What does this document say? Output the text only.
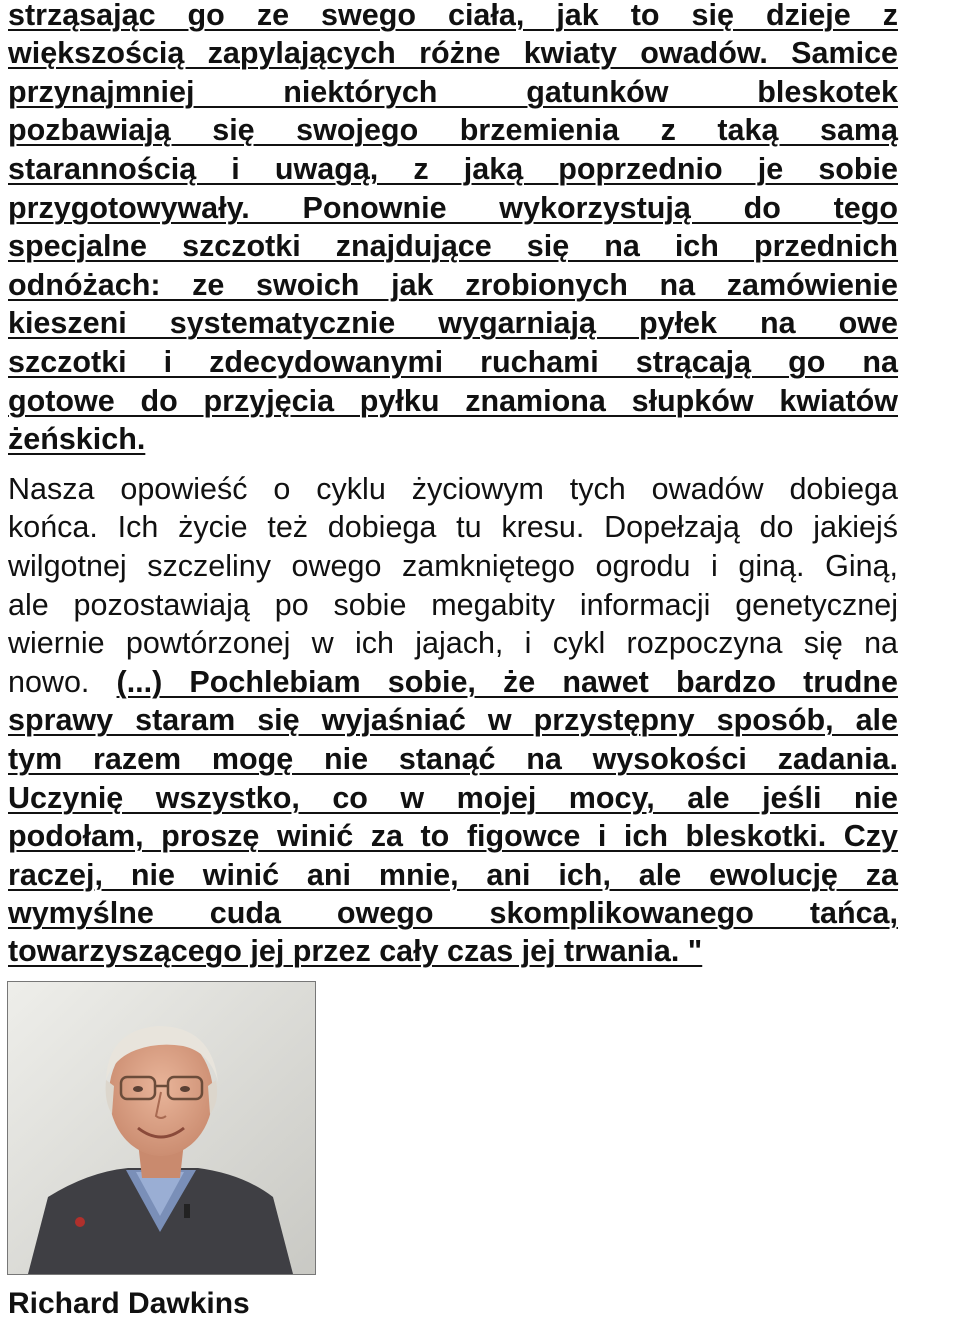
strząsając go ze swego ciała, jak to się dzieje z
większością zapylających różne kwiaty owadów. Samice
przynajmniej niektórych gatunków bleskotek
pozbawiają się swojego brzemienia z taką samą
starannością i uwagą, z jaką poprzednio je sobie
przygotowywały. Ponownie wykorzystują do tego
specjalne szczotki znajdujące się na ich przednich
odnóżach: ze swoich jak zrobionych na zamówienie
kieszeni systematycznie wygarniają pyłek na owe
szczotki i zdecydowanymi ruchami strącają go na
gotowe do przyjęcia pyłku znamiona słupków kwiatów
żeńskich.
Nasza opowieść o cyklu życiowym tych owadów dobiega
końca. Ich życie też dobiega tu kresu. Dopełzają do jakiejś
wilgotnej szczeliny owego zamkniętego ogrodu i giną. Giną,
ale pozostawiają po sobie megabity informacji genetycznej
wiernie powtórzonej w ich jajach, i cykl rozpoczyna się na
nowo. (...) Pochlebiam sobie, że nawet bardzo trudne
sprawy staram się wyjaśniać w przystępny sposób, ale
tym razem mogę nie stanąć na wysokości zadania.
Uczynię wszystko, co w mojej mocy, ale jeśli nie
podołam, proszę winić za to figowce i ich bleskotki. Czy
raczej, nie winić ani mnie, ani ich, ale ewolucję za
wymyślne cuda owego skomplikowanego tańca,
towarzyszącego jej przez cały czas jej trwania. "
Richard Dawkins
